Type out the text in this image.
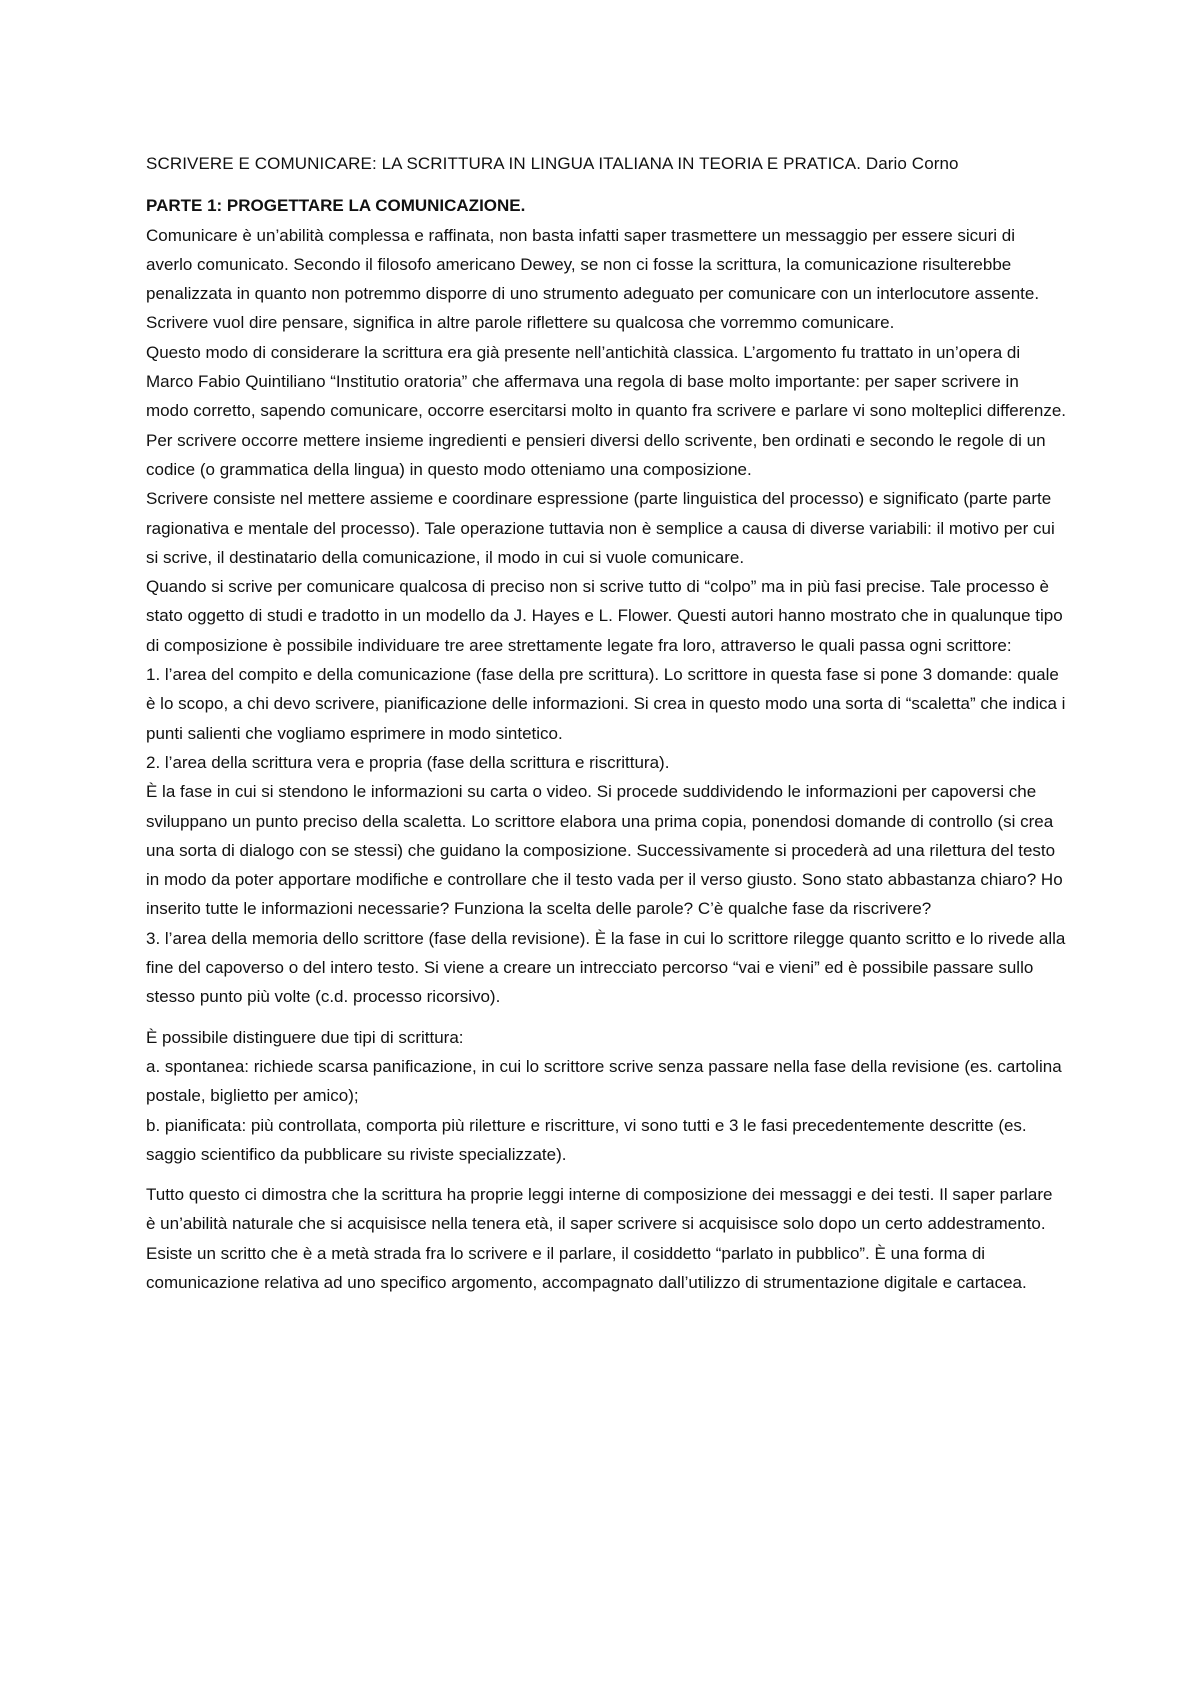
SCRIVERE E COMUNICARE: LA SCRITTURA IN LINGUA ITALIANA IN TEORIA E PRATICA. Dario Corno

PARTE 1: PROGETTARE LA COMUNICAZIONE.

Comunicare è un’abilità complessa e raffinata, non basta infatti saper trasmettere un messaggio per essere sicuri di averlo comunicato. Secondo il filosofo americano Dewey, se non ci fosse la scrittura, la comunicazione risulterebbe penalizzata in quanto non potremmo disporre di uno strumento adeguato per comunicare con un interlocutore assente. Scrivere vuol dire pensare, significa in altre parole riflettere su qualcosa che vorremmo comunicare.

Questo modo di considerare la scrittura era già presente nell’antichità classica. L’argomento fu trattato in un’opera di Marco Fabio Quintiliano “Institutio oratoria” che affermava una regola di base molto importante: per saper scrivere in modo corretto, sapendo comunicare, occorre esercitarsi molto in quanto fra scrivere e parlare vi sono molteplici differenze. Per scrivere occorre mettere insieme ingredienti e pensieri diversi dello scrivente, ben ordinati e secondo le regole di un codice (o grammatica della lingua) in questo modo otteniamo una composizione.

Scrivere consiste nel mettere assieme e coordinare espressione (parte linguistica del processo) e significato (parte parte ragionativa e mentale del processo). Tale operazione tuttavia non è semplice a causa di diverse variabili: il motivo per cui si scrive, il destinatario della comunicazione, il modo in cui si vuole comunicare.

Quando si scrive per comunicare qualcosa di preciso non si scrive tutto di “colpo” ma in più fasi precise. Tale processo è stato oggetto di studi e tradotto in un modello da J. Hayes e L. Flower. Questi autori hanno mostrato che in qualunque tipo di composizione è possibile individuare tre aree strettamente legate fra loro, attraverso le quali passa ogni scrittore:

1. l’area del compito e della comunicazione (fase della pre scrittura). Lo scrittore in questa fase si pone 3 domande: quale è lo scopo, a chi devo scrivere, pianificazione delle informazioni. Si crea in questo modo una sorta di “scaletta” che indica i punti salienti che vogliamo esprimere in modo sintetico.

2. l’area della scrittura vera e propria (fase della scrittura e riscrittura).

È la fase in cui si stendono le informazioni su carta o video. Si procede suddividendo le informazioni per capoversi che sviluppano un punto preciso della scaletta. Lo scrittore elabora una prima copia, ponendosi domande di controllo (si crea una sorta di dialogo con se stessi) che guidano la composizione. Successivamente si procederà ad una rilettura del testo in modo da poter apportare modifiche e controllare che il testo vada per il verso giusto. Sono stato abbastanza chiaro? Ho inserito tutte le informazioni necessarie? Funziona la scelta delle parole? C’è qualche fase da riscrivere?

3. l’area della memoria dello scrittore (fase della revisione). È la fase in cui lo scrittore rilegge quanto scritto e lo rivede alla fine del capoverso o del intero testo. Si viene a creare un intrecciato percorso “vai e vieni” ed è possibile passare sullo stesso punto più volte (c.d. processo ricorsivo).

È possibile distinguere due tipi di scrittura:

a. spontanea: richiede scarsa panificazione, in cui lo scrittore scrive senza passare nella fase della revisione (es. cartolina postale, biglietto per amico);

b. pianificata: più controllata, comporta più riletture e riscritture, vi sono tutti e 3 le fasi precedentemente descritte (es. saggio scientifico da pubblicare su riviste specializzate).

Tutto questo ci dimostra che la scrittura ha proprie leggi interne di composizione dei messaggi e dei testi. Il saper parlare è un’abilità naturale che si acquisisce nella tenera età, il saper scrivere si acquisisce solo dopo un certo addestramento. Esiste un scritto che è a metà strada fra lo scrivere e il parlare, il cosiddetto “parlato in pubblico”. È una forma di comunicazione relativa ad uno specifico argomento, accompagnato dall’utilizzo di strumentazione digitale e cartacea.
